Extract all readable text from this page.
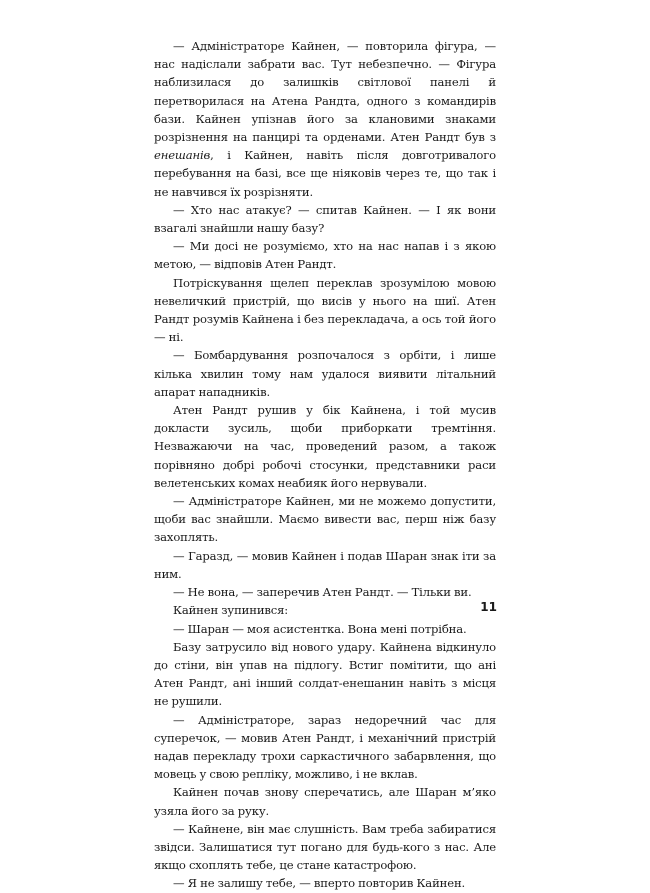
— Адміністраторе Кайнен, — повторила фігура, — нас надіслали забрати вас. Тут небезпечно. — Фігура наблизилася до залишків світлової панелі й перетворилася на Атена Рандта, одного з командирів бази. Кайнен упізнав його за клановими знаками розрізнення на панцирі та орденами. Атен Рандт був з енешанів, і Кайнен, навіть після довготривалого перебування на базі, все ще ніяковів через те, що так і не навчився їх розрізняти.

— Хто нас атакує? — спитав Кайнен. — І як вони взагалі знайшли нашу базу?

— Ми досі не розуміємо, хто на нас напав і з якою метою, — відповів Атен Рандт.

Потріскування щелеп переклав зрозумілою мовою невеличкий пристрій, що висів у нього на шиї. Атен Рандт розумів Кайнена і без перекладача, а ось той його — ні.

— Бомбардування розпочалося з орбіти, і лише кілька хвилин тому нам удалося виявити літальний апарат нападників.

Атен Рандт рушив у бік Кайнена, і той мусив докласти зусиль, щоби приборкати тремтіння. Незважаючи на час, проведений разом, а також порівняно добрі робочі стосунки, представники раси велетенських комах неабияк його нервували.

— Адміністраторе Кайнен, ми не можемо допустити, щоби вас знайшли. Маємо вивести вас, перш ніж базу захоплять.

— Гаразд, — мовив Кайнен і подав Шаран знак іти за ним.

— Не вона, — заперечив Атен Рандт. — Тільки ви.

Кайнен зупинився:

— Шаран — моя асистентка. Вона мені потрібна.

Базу затрусило від нового удару. Кайнена відкинуло до стіни, він упав на підлогу. Встиг помітити, що ані Атен Рандт, ані інший солдат-енешанин навіть з місця не рушили.

— Адміністраторе, зараз недоречний час для суперечок, — мовив Атен Рандт, і механічний пристрій надав перекладу трохи саркастичного забарвлення, що мовець у свою репліку, можливо, і не вклав.

Кайнен почав знову сперечатись, але Шаран м’яко узяла його за руку.

— Кайнене, він має слушність. Вам треба забиратися звідси. Залишатися тут погано для будь-кого з нас. Але якщо схоплять тебе, це стане катастрофою.

— Я не залишу тебе, — вперто повторив Кайнен.

11
